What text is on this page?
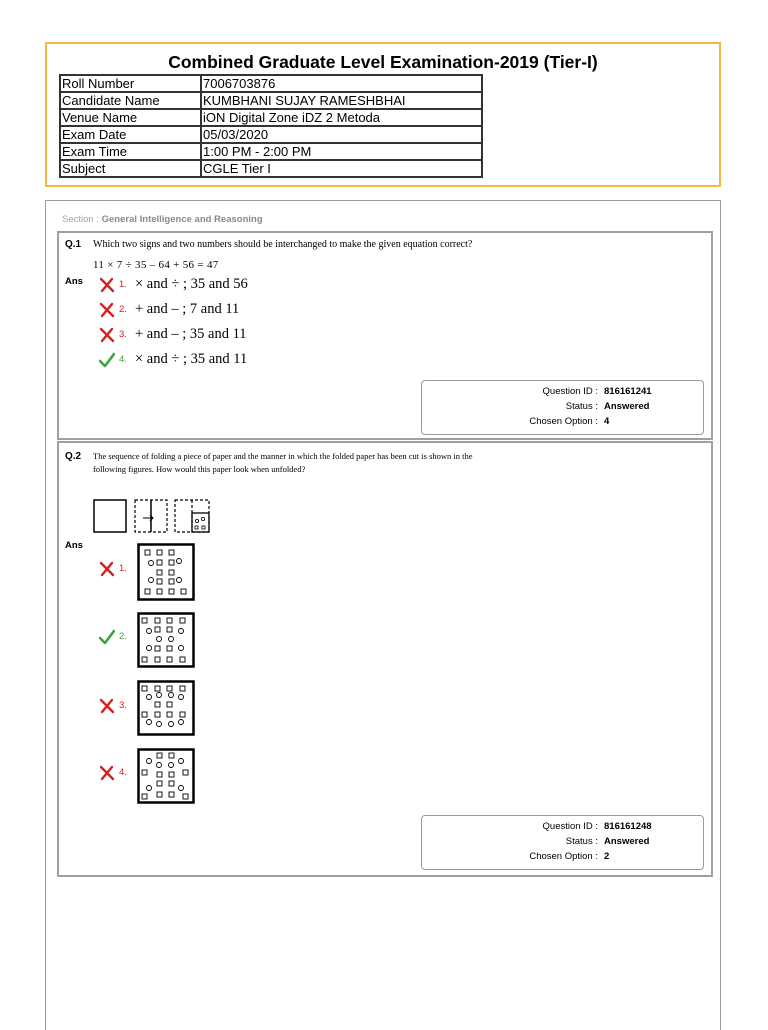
Combined Graduate Level Examination-2019 (Tier-I)
Roll Number	7006703876
Candidate Name	KUMBHANI SUJAY RAMESHBHAI
Venue Name	iON Digital Zone iDZ 2 Metoda
Exam Date	05/03/2020
Exam Time	1:00 PM - 2:00 PM
Subject	CGLE Tier I
Section : General Intelligence and Reasoning
Q.1 Which two signs and two numbers should be interchanged to make the given equation correct?
11 × 7 ÷ 35 – 64 + 56 = 47
Ans	1. × and ÷ ; 35 and 56
2. + and – ; 7 and 11
3. + and – ; 35 and 11
4. × and ÷ ; 35 and 11
Question ID : 816161241
Status : Answered
Chosen Option : 4
Q.2 The sequence of folding a piece of paper and the manner in which the folded paper has been cut is shown in the
following figures. How would this paper look when unfolded?
Ans
1.
2.
3.
4.
Question ID : 816161248
Status : Answered
Chosen Option : 2
